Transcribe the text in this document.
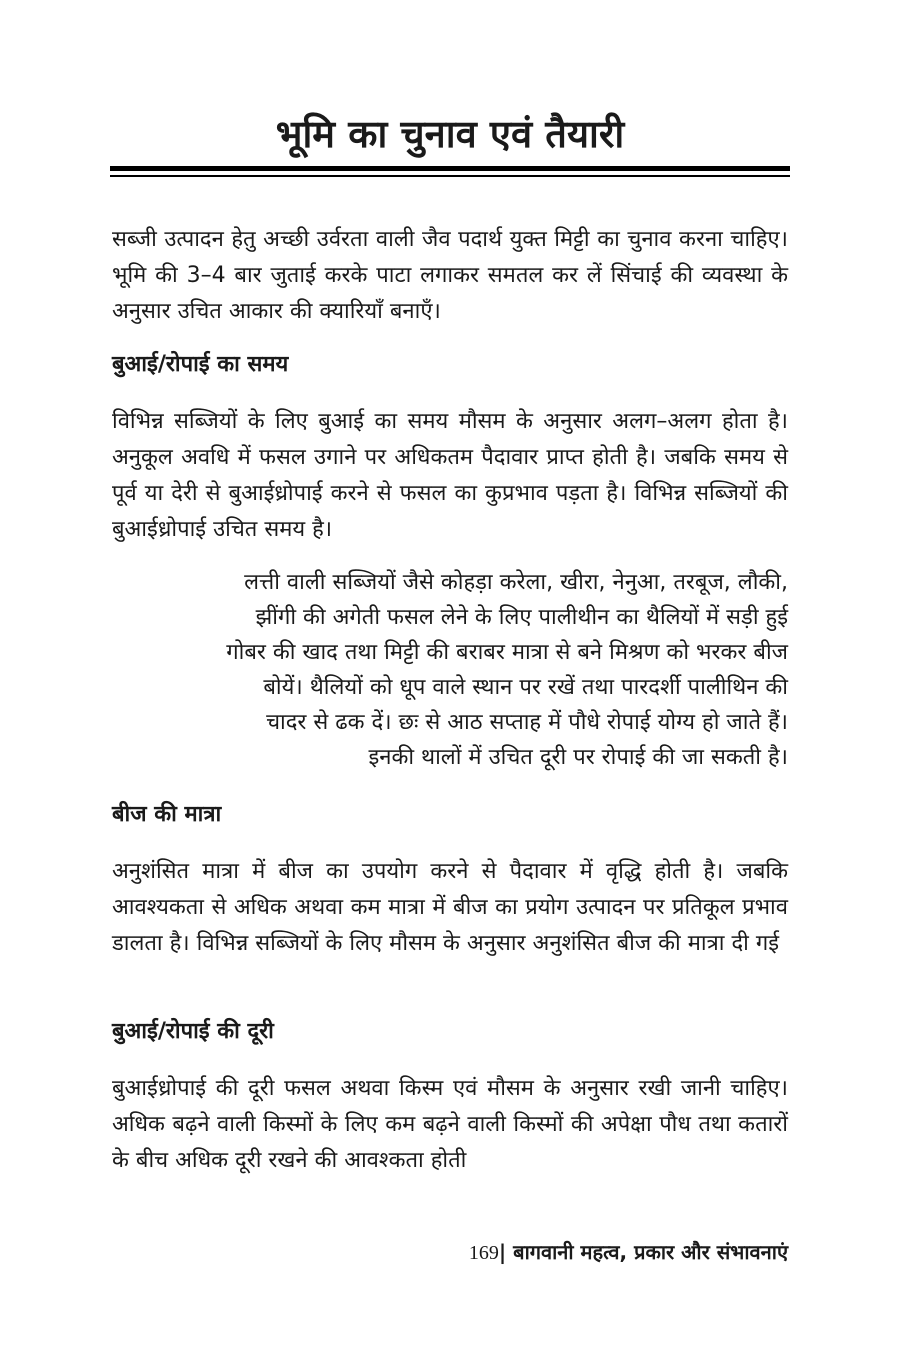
भूमि का चुनाव एवं तैयारी

सब्जी उत्पादन हेतु अच्छी उर्वरता वाली जैव पदार्थ युक्त मिट्टी का चुनाव करना चाहिए। भूमि की 3–4 बार जुताई करके पाटा लगाकर समतल कर लें सिंचाई की व्यवस्था के अनुसार उचित आकार की क्यारियाँ बनाएँ।

बुआई/रोपाई का समय

विभिन्न सब्जियों के लिए बुआई का समय मौसम के अनुसार अलग–अलग होता है। अनुकूल अवधि में फसल उगाने पर अधिकतम पैदावार प्राप्त होती है। जबकि समय से पूर्व या देरी से बुआईध्रोपाई करने से फसल का कुप्रभाव पड़ता है। विभिन्न सब्जियों की बुआईध्रोपाई उचित समय है।

लत्ती वाली सब्जियों जैसे कोहड़ा करेला, खीरा, नेनुआ, तरबूज, लौकी,
झींगी की अगेती फसल लेने के लिए पालीथीन का थैलियों में सड़ी हुई
गोबर की खाद तथा मिट्टी की बराबर मात्रा से बने मिश्रण को भरकर बीज
बोयें। थैलियों को धूप वाले स्थान पर रखें तथा पारदर्शी पालीथिन की
चादर से ढक दें। छः से आठ सप्ताह में पौधे रोपाई योग्य हो जाते हैं।
इनकी थालों में उचित दूरी पर रोपाई की जा सकती है।
बीज की मात्रा

अनुशंसित मात्रा में बीज का उपयोग करने से पैदावार में वृद्धि होती है। जबकि आवश्यकता से अधिक अथवा कम मात्रा में बीज का प्रयोग उत्पादन पर प्रतिकूल प्रभाव डालता है। विभिन्न सब्जियों के लिए मौसम के अनुसार अनुशंसित बीज की मात्रा दी गई

बुआई/रोपाई की दूरी

बुआईध्रोपाई की दूरी फसल अथवा किस्म एवं मौसम के अनुसार रखी जानी चाहिए। अधिक बढ़ने वाली किस्मों के लिए कम बढ़ने वाली किस्मों की अपेक्षा पौध तथा कतारों के बीच अधिक दूरी रखने की आवश्कता होती

169| बागवानी महत्व, प्रकार और संभावनाएं
